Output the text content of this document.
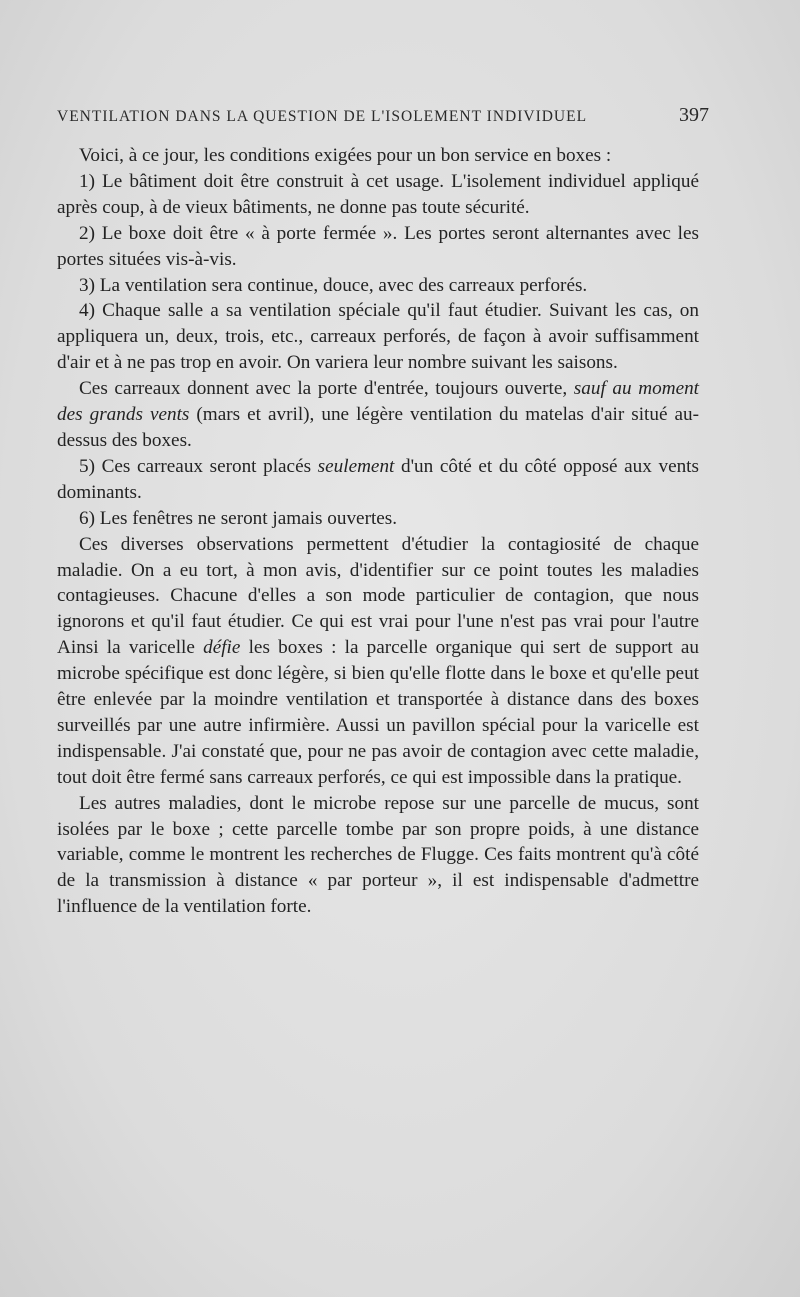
VENTILATION DANS LA QUESTION DE L'ISOLEMENT INDIVIDUEL	397

Voici, à ce jour, les conditions exigées pour un bon service en boxes :

1) Le bâtiment doit être construit à cet usage. L'isolement individuel appliqué après coup, à de vieux bâtiments, ne donne pas toute sécurité.

2) Le boxe doit être « à porte fermée ». Les portes seront alternantes avec les portes situées vis-à-vis.

3) La ventilation sera continue, douce, avec des carreaux perforés.

4) Chaque salle a sa ventilation spéciale qu'il faut étudier. Suivant les cas, on appliquera un, deux, trois, etc., carreaux perforés, de façon à avoir suffisamment d'air et à ne pas trop en avoir. On variera leur nombre suivant les saisons.

Ces carreaux donnent avec la porte d'entrée, toujours ouverte, sauf au moment des grands vents (mars et avril), une légère ventilation du matelas d'air situé au-dessus des boxes.

5) Ces carreaux seront placés seulement d'un côté et du côté opposé aux vents dominants.

6) Les fenêtres ne seront jamais ouvertes.

Ces diverses observations permettent d'étudier la contagiosité de chaque maladie. On a eu tort, à mon avis, d'identifier sur ce point toutes les maladies contagieuses. Chacune d'elles a son mode particulier de contagion, que nous ignorons et qu'il faut étudier. Ce qui est vrai pour l'une n'est pas vrai pour l'autre Ainsi la varicelle défie les boxes : la parcelle organique qui sert de support au microbe spécifique est donc légère, si bien qu'elle flotte dans le boxe et qu'elle peut être enlevée par la moindre ventilation et transportée à distance dans des boxes surveillés par une autre infirmière. Aussi un pavillon spécial pour la varicelle est indispensable. J'ai constaté que, pour ne pas avoir de contagion avec cette maladie, tout doit être fermé sans carreaux perforés, ce qui est impossible dans la pratique.

Les autres maladies, dont le microbe repose sur une parcelle de mucus, sont isolées par le boxe ; cette parcelle tombe par son propre poids, à une distance variable, comme le montrent les recherches de Flugge. Ces faits montrent qu'à côté de la transmission à distance « par porteur », il est indispensable d'admettre l'influence de la ventilation forte.
